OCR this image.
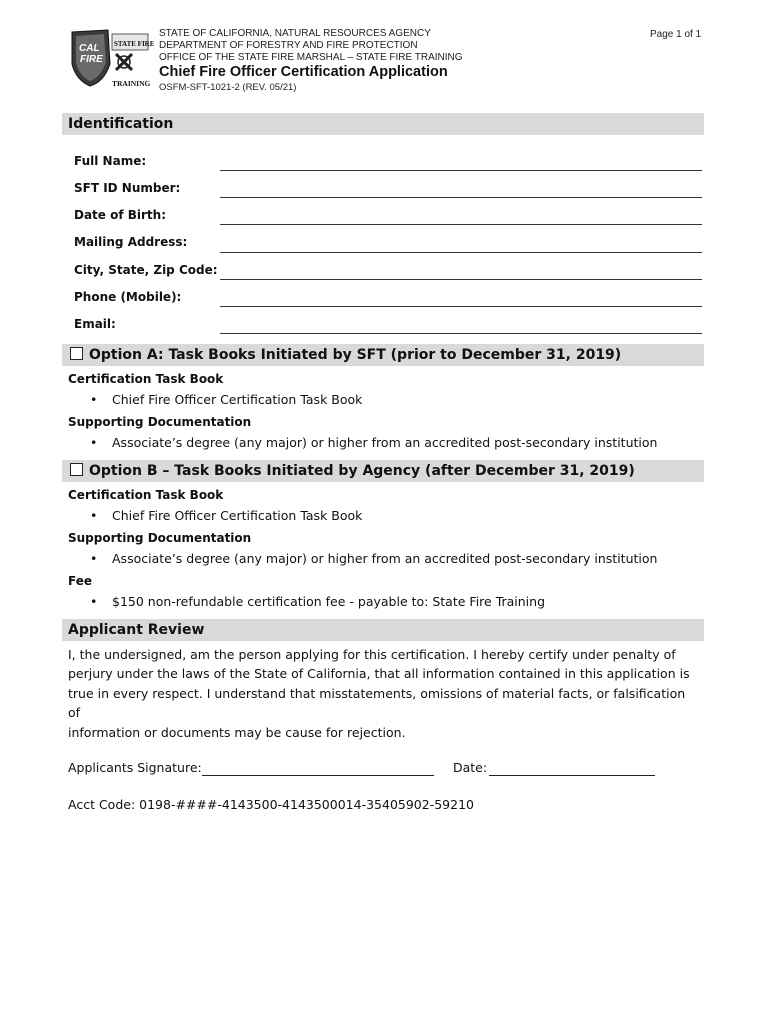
CAL
FIRE
STATE FIRE
TRAINING
STATE OF CALIFORNIA, NATURAL RESOURCES AGENCY
DEPARTMENT OF FORESTRY AND FIRE PROTECTION
OFFICE OF THE STATE FIRE MARSHAL – STATE FIRE TRAINING
Chief Fire Officer Certification Application
OSFM-SFT-1021-2 (REV. 05/21)
Page 1 of 1
Identification
Full Name:
SFT ID Number:
Date of Birth:
Mailing Address:
City, State, Zip Code:
Phone (Mobile):
Email:
Option A: Task Books Initiated by SFT (prior to December 31, 2019)
Certification Task Book
• Chief Fire Officer Certification Task Book
Supporting Documentation
• Associate’s degree (any major) or higher from an accredited post-secondary institution
Option B – Task Books Initiated by Agency (after December 31, 2019)
Certification Task Book
• Chief Fire Officer Certification Task Book
Supporting Documentation
• Associate’s degree (any major) or higher from an accredited post-secondary institution
Fee
• $150 non-refundable certification fee - payable to: State Fire Training
Applicant Review
I, the undersigned, am the person applying for this certification. I hereby certify under penalty of
perjury under the laws of the State of California, that all information contained in this application is
true in every respect. I understand that misstatements, omissions of material facts, or falsification of
information or documents may be cause for rejection.
Applicants Signature:	Date:
Acct Code: 0198-####-4143500-4143500014-35405902-59210
